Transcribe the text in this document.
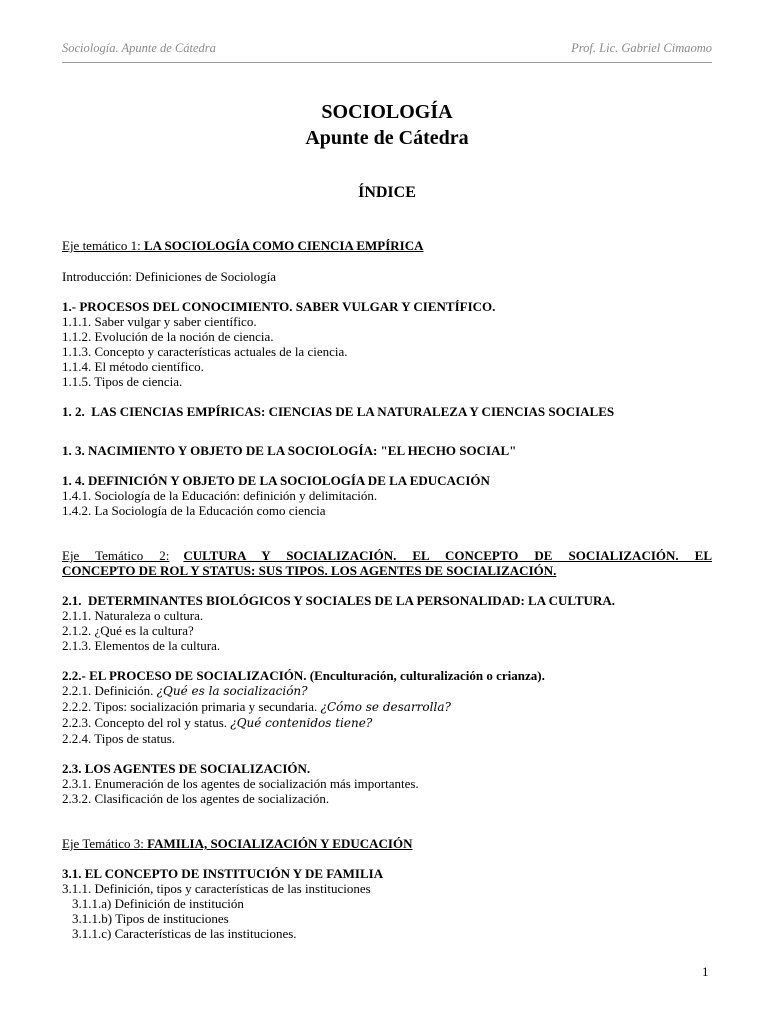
Sociología. Apunte de Cátedra	Prof. Lic. Gabriel Cimaomo
SOCIOLOGÍA
Apunte de Cátedra
ÍNDICE
Eje temático 1: LA SOCIOLOGÍA COMO CIENCIA EMPÍRICA
Introducción: Definiciones de Sociología
1.- PROCESOS DEL CONOCIMIENTO. SABER VULGAR Y CIENTÍFICO.
1.1.1. Saber vulgar y saber científico.
1.1.2. Evolución de la noción de ciencia.
1.1.3. Concepto y características actuales de la ciencia.
1.1.4. El método científico.
1.1.5. Tipos de ciencia.
1. 2.  LAS CIENCIAS EMPÍRICAS: CIENCIAS DE LA NATURALEZA Y CIENCIAS SOCIALES
1. 3. NACIMIENTO Y OBJETO DE LA SOCIOLOGÍA: "EL HECHO SOCIAL"
1. 4. DEFINICIÓN Y OBJETO DE LA SOCIOLOGÍA DE LA EDUCACIÓN
1.4.1. Sociología de la Educación: definición y delimitación.
1.4.2. La Sociología de la Educación como ciencia
Eje Temático 2: CULTURA Y SOCIALIZACIÓN. EL CONCEPTO DE SOCIALIZACIÓN. EL
CONCEPTO DE ROL Y STATUS: SUS TIPOS. LOS AGENTES DE SOCIALIZACIÓN.
2.1.  DETERMINANTES BIOLÓGICOS Y SOCIALES DE LA PERSONALIDAD: LA CULTURA.
2.1.1. Naturaleza o cultura.
2.1.2. ¿Qué es la cultura?
2.1.3. Elementos de la cultura.
2.2.- EL PROCESO DE SOCIALIZACIÓN. (Enculturación, culturalización o crianza).
2.2.1. Definición. ¿Qué es la socialización?
2.2.2. Tipos: socialización primaria y secundaria. ¿Cómo se desarrolla?
2.2.3. Concepto del rol y status. ¿Qué contenidos tiene?
2.2.4. Tipos de status.
2.3. LOS AGENTES DE SOCIALIZACIÓN.
2.3.1. Enumeración de los agentes de socialización más importantes.
2.3.2. Clasificación de los agentes de socialización.
Eje Temático 3: FAMILIA, SOCIALIZACIÓN Y EDUCACIÓN
3.1. EL CONCEPTO DE INSTITUCIÓN Y DE FAMILIA
3.1.1. Definición, tipos y características de las instituciones
3.1.1.a) Definición de institución
3.1.1.b) Tipos de instituciones
3.1.1.c) Características de las instituciones.
1
